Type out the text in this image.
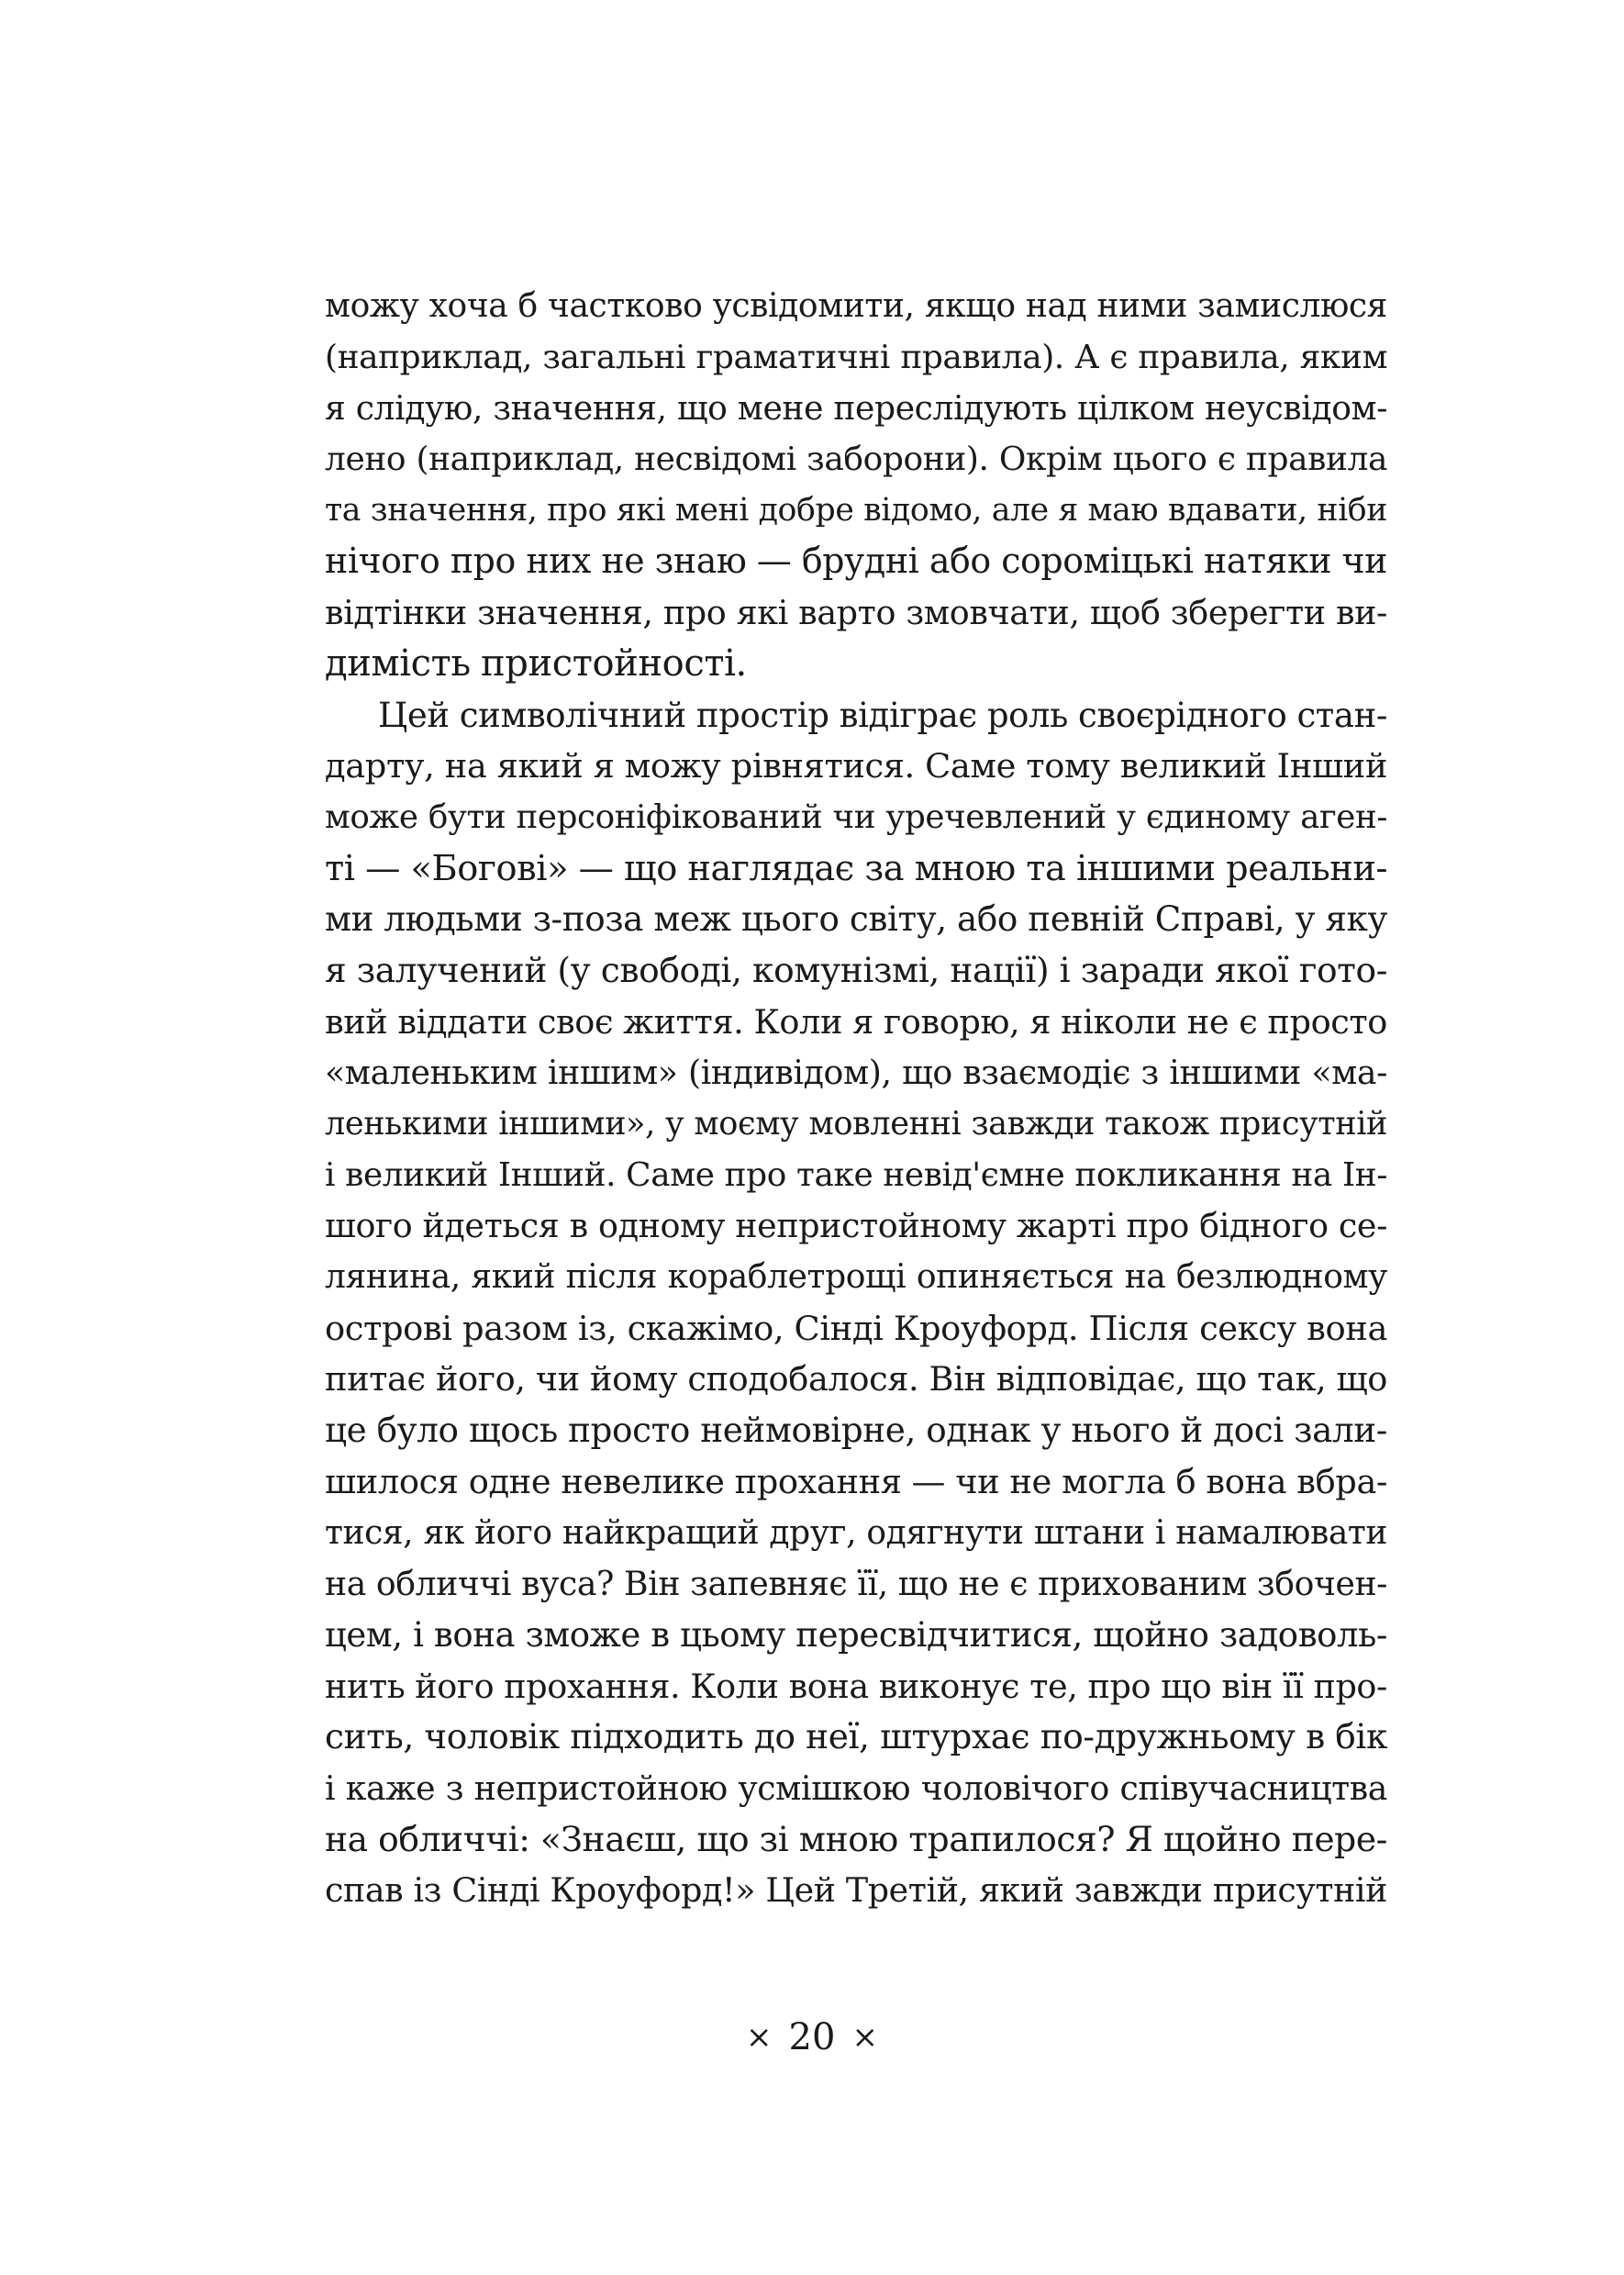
можу хоча б частково усвідомити, якщо над ними замислюся
(наприклад, загальні граматичні правила). А є правила, яким
я слідую, значення, що мене переслідують цілком неусвідом-
лено (наприклад, несвідомі заборони). Окрім цього є правила
та значення, про які мені добре відомо, але я маю вдавати, ніби
нічого про них не знаю — брудні або сороміцькі натяки чи
відтінки значення, про які варто змовчати, щоб зберегти ви-
димість пристойності.
Цей символічний простір відіграє роль своєрідного стан-
дарту, на який я можу рівнятися. Саме тому великий Інший
може бути персоніфікований чи уречевлений у єдиному аген-
ті — «Богові» — що наглядає за мною та іншими реальни-
ми людьми з-поза меж цього світу, або певній Справі, у яку
я залучений (у свободі, комунізмі, нації) і заради якої гото-
вий віддати своє життя. Коли я говорю, я ніколи не є просто
«маленьким іншим» (індивідом), що взаємодіє з іншими «ма-
ленькими іншими», у моєму мовленні завжди також присутній
і великий Інший. Саме про таке невід'ємне покликання на Ін-
шого йдеться в одному непристойному жарті про бідного се-
лянина, який після кораблетрощі опиняється на безлюдному
острові разом із, скажімо, Сінді Кроуфорд. Після сексу вона
питає його, чи йому сподобалося. Він відповідає, що так, що
це було щось просто неймовірне, однак у нього й досі зали-
шилося одне невелике прохання — чи не могла б вона вбра-
тися, як його найкращий друг, одягнути штани і намалювати
на обличчі вуса? Він запевняє її, що не є прихованим збочен-
цем, і вона зможе в цьому пересвідчитися, щойно задоволь-
нить його прохання. Коли вона виконує те, про що він її про-
сить, чоловік підходить до неї, штурхає по-дружньому в бік
і каже з непристойною усмішкою чоловічого співучасництва
на обличчі: «Знаєш, що зі мною трапилося? Я щойно пере-
спав із Сінді Кроуфорд!» Цей Третій, який завжди присутній
× 20 ×
